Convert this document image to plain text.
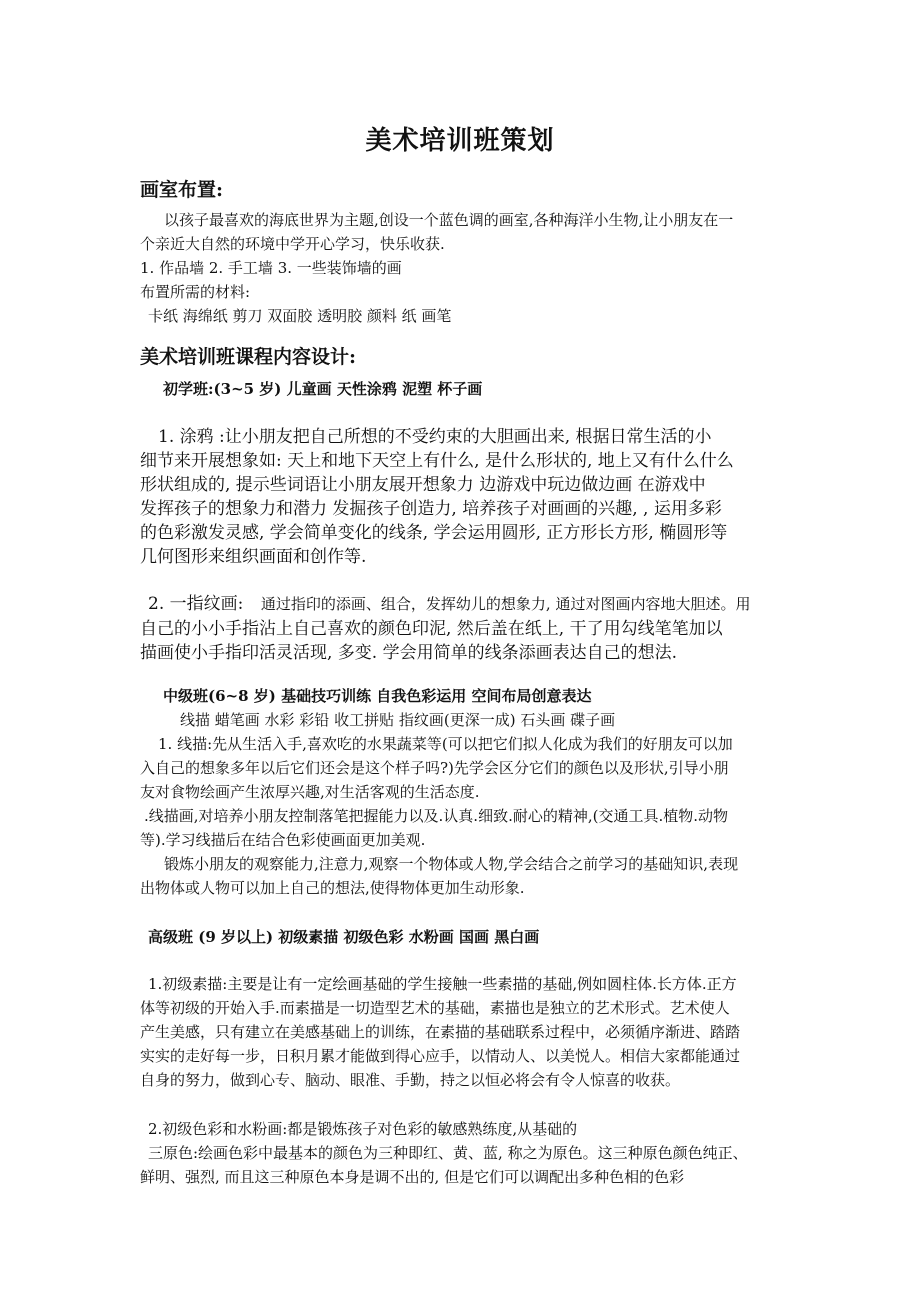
美术培训班策划
画室布置:
以孩子最喜欢的海底世界为主题,创设一个蓝色调的画室,各种海洋小生物,让小朋友在一
个亲近大自然的环境中学开心学习，快乐收获.
1. 作品墙 2. 手工墙 3. 一些装饰墙的画
布置所需的材料:
卡纸 海绵纸 剪刀 双面胶 透明胶 颜料 纸 画笔
美术培训班课程内容设计:
初学班:(3~5 岁) 儿童画 天性涂鸦 泥塑 杯子画
1. 涂鸦 :让小朋友把自己所想的不受约束的大胆画出来, 根据日常生活的小
细节来开展想象如: 天上和地下天空上有什么, 是什么形状的, 地上又有什么什么
形状组成的, 提示些词语让小朋友展开想象力 边游戏中玩边做边画 在游戏中
发挥孩子的想象力和潜力 发掘孩子创造力, 培养孩子对画画的兴趣, , 运用多彩
的色彩激发灵感, 学会简单变化的线条, 学会运用圆形, 正方形长方形, 椭圆形等
几何图形来组织画面和创作等.
2. 一指纹画: 通过指印的添画、组合，发挥幼儿的想象力, 通过对图画内容地大胆述。用
自己的小小手指沾上自己喜欢的颜色印泥, 然后盖在纸上, 干了用勾线笔笔加以
描画使小手指印活灵活现, 多变. 学会用简单的线条添画表达自己的想法.
中级班(6~8 岁) 基础技巧训练 自我色彩运用 空间布局创意表达
线描 蜡笔画 水彩 彩铅 收工拼贴 指纹画(更深一成) 石头画 碟子画
1. 线描:先从生活入手,喜欢吃的水果蔬菜等(可以把它们拟人化成为我们的好朋友可以加
入自己的想象多年以后它们还会是这个样子吗?)先学会区分它们的颜色以及形状,引导小朋
友对食物绘画产生浓厚兴趣,对生活客观的生活态度.
.线描画,对培养小朋友控制落笔把握能力以及.认真.细致.耐心的精神,(交通工具.植物.动物
等).学习线描后在结合色彩使画面更加美观.
锻炼小朋友的观察能力,注意力,观察一个物体或人物,学会结合之前学习的基础知识,表现
出物体或人物可以加上自己的想法,使得物体更加生动形象.
高级班 (9 岁以上) 初级素描 初级色彩 水粉画 国画 黑白画
1.初级素描:主要是让有一定绘画基础的学生接触一些素描的基础,例如圆柱体.长方体.正方
体等初级的开始入手.而素描是一切造型艺术的基础，素描也是独立的艺术形式。艺术使人
产生美感，只有建立在美感基础上的训练，在素描的基础联系过程中，必须循序渐进、踏踏
实实的走好每一步，日积月累才能做到得心应手，以情动人、以美悦人。相信大家都能通过
自身的努力，做到心专、脑动、眼准、手勤，持之以恒必将会有令人惊喜的收获。
2.初级色彩和水粉画:都是锻炼孩子对色彩的敏感熟练度,从基础的
三原色:绘画色彩中最基本的颜色为三种即红、黄、蓝, 称之为原色。这三种原色颜色纯正、
鲜明、强烈, 而且这三种原色本身是调不出的, 但是它们可以调配出多种色相的色彩
